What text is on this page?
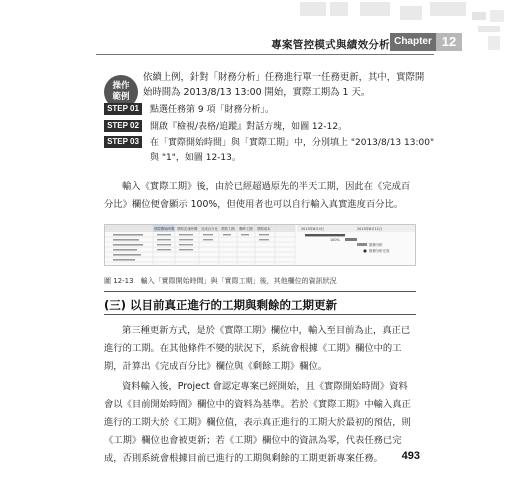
專案管控模式與績效分析 Chapter 12
操作
範例
依續上例，針對「財務分析」任務進行單一任務更新，其中，實際開始時間為 2013/8/13 13:00 開始，實際工期為 1 天。
STEP 01	點選任務第 9 項「財務分析」。
STEP 02	開啟『檢視/表格/追蹤』對話方塊，如圖 12-12。
STEP 03	在「實際開始時間」與「實際工期」中，分別填上 "2013/8/13 13:00" 與 "1"，如圖 12-13。
輸入《實際工期》後，由於已經超過原先的半天工期，因此在《完成百分比》欄位便會顯示 100%，但使用者也可以自行輸入真實進度百分比。
實際開始時間 實際完成時間 完成百分比 實際工期 剩餘工期 實際成本	2013年8月4日	2013年8月11日
100%
財務分析
財務分析完成
圖 12-13　輸入「實際開始時間」與「實際工期」後，其他欄位的資訊狀況
(三) 以目前真正進行的工期與剩餘的工期更新
第三種更新方式，是於《實際工期》欄位中，輸入至目前為止，真正已進行的工期。在其他條件不變的狀況下，系統會根據《工期》欄位中的工期，計算出《完成百分比》欄位與《剩餘工期》欄位。
資料輸入後，Project 會認定專案已經開始，且《實際開始時間》資料會以《目前開始時間》欄位中的資料為基準。若於《實際工期》中輸入真正進行的工期大於《工期》欄位值，表示真正進行的工期大於最初的預估，則《工期》欄位也會被更新；若《工期》欄位中的資訊為零，代表任務已完成，否則系統會根據目前已進行的工期與剩餘的工期更新專案任務。	493
